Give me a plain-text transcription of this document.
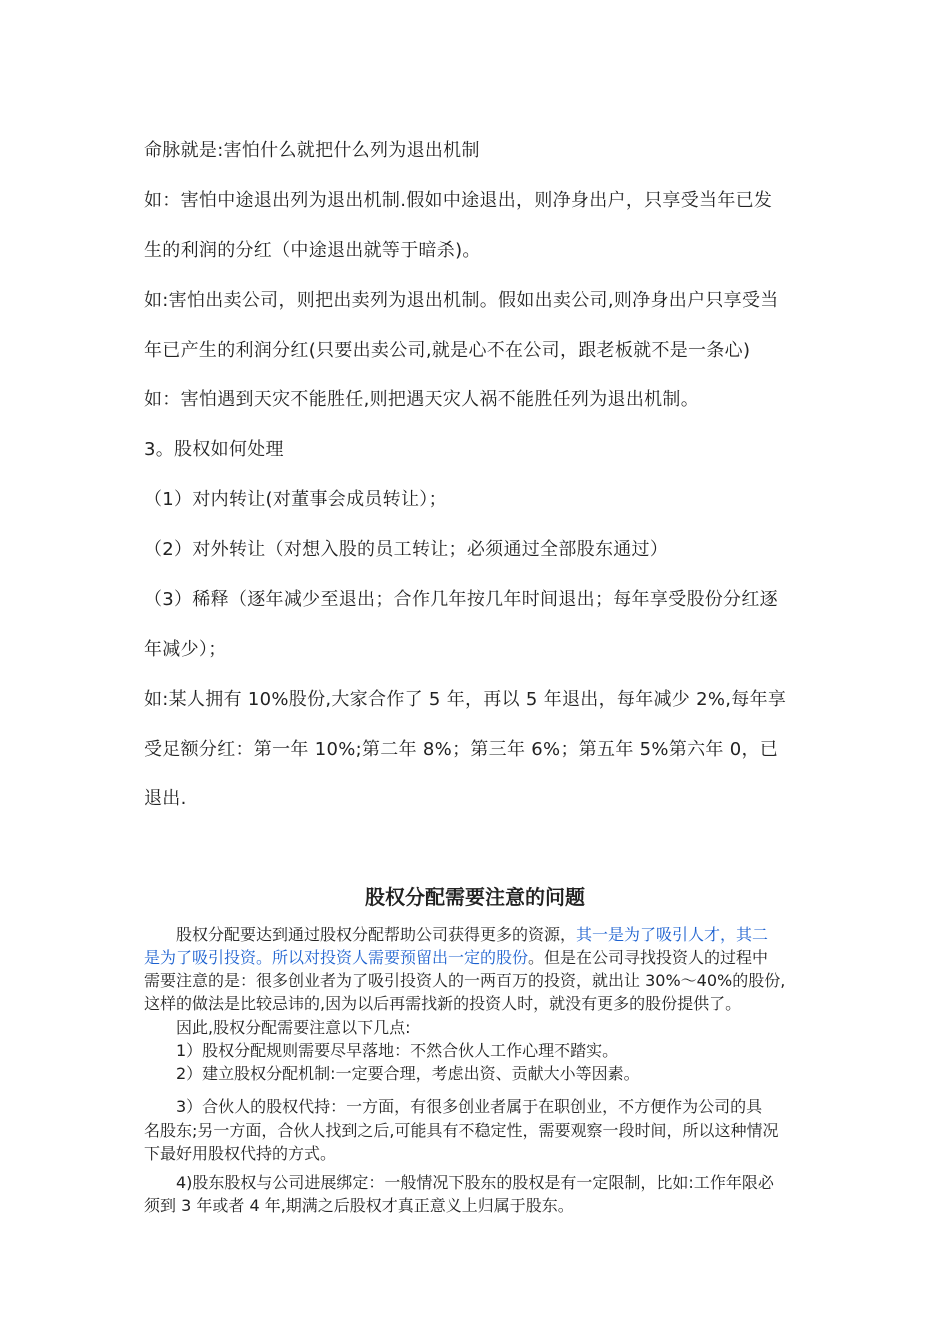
命脉就是:害怕什么就把什么列为退出机制
如：害怕中途退出列为退出机制.假如中途退出，则净身出户，只享受当年已发
生的利润的分红（中途退出就等于暗杀)。
如:害怕出卖公司，则把出卖列为退出机制。假如出卖公司,则净身出户只享受当
年已产生的利润分红(只要出卖公司,就是心不在公司，跟老板就不是一条心)
如：害怕遇到天灾不能胜任,则把遇天灾人祸不能胜任列为退出机制。
3。股权如何处理
（1）对内转让(对董事会成员转让）；
（2）对外转让（对想入股的员工转让；必须通过全部股东通过）
（3）稀释（逐年减少至退出；合作几年按几年时间退出；每年享受股份分红逐
年减少）；
如:某人拥有 10%股份,大家合作了 5 年，再以 5 年退出，每年减少 2%,每年享
受足额分红：第一年 10%;第二年 8%；第三年 6%；第五年 5%第六年 0，已
退出.
股权分配需要注意的问题
股权分配要达到通过股权分配帮助公司获得更多的资源，其一是为了吸引人才，其二
是为了吸引投资。所以对投资人需要预留出一定的股份。但是在公司寻找投资人的过程中
需要注意的是：很多创业者为了吸引投资人的一两百万的投资，就出让 30%～40%的股份,
这样的做法是比较忌讳的,因为以后再需找新的投资人时，就没有更多的股份提供了。
因此,股权分配需要注意以下几点:
1）股权分配规则需要尽早落地：不然合伙人工作心理不踏实。
2）建立股权分配机制:一定要合理，考虑出资、贡献大小等因素。
3）合伙人的股权代持：一方面，有很多创业者属于在职创业，不方便作为公司的具
名股东;另一方面，合伙人找到之后,可能具有不稳定性，需要观察一段时间，所以这种情况
下最好用股权代持的方式。
4)股东股权与公司进展绑定：一般情况下股东的股权是有一定限制，比如:工作年限必
须到 3 年或者 4 年,期满之后股权才真正意义上归属于股东。
